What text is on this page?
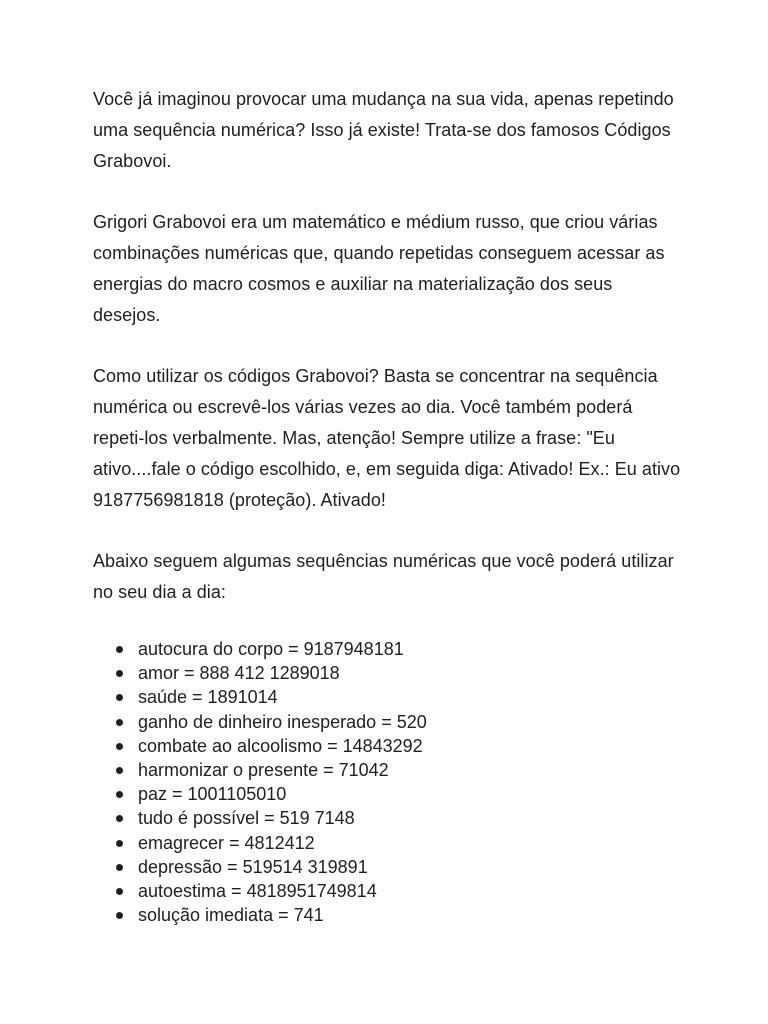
Você já imaginou provocar uma mudança na sua vida, apenas repetindo uma sequência numérica? Isso já existe! Trata-se dos famosos Códigos Grabovoi.

Grigori Grabovoi era um matemático e médium russo, que criou várias combinações numéricas que, quando repetidas conseguem acessar as energias do macro cosmos e auxiliar na materialização dos seus desejos.

Como utilizar os códigos Grabovoi? Basta se concentrar na sequência numérica ou escrevê-los várias vezes ao dia. Você também poderá repeti-los verbalmente. Mas, atenção! Sempre utilize a frase: "Eu ativo....fale o código escolhido, e, em seguida diga: Ativado! Ex.: Eu ativo 9187756981818 (proteção). Ativado!

Abaixo seguem algumas sequências numéricas que você poderá utilizar no seu dia a dia:

autocura do corpo = 9187948181
amor = 888 412 1289018
saúde = 1891014
ganho de dinheiro inesperado = 520
combate ao alcoolismo = 14843292
harmonizar o presente = 71042
paz = 1001105010
tudo é possível = 519 7148
emagrecer = 4812412
depressão = 519514 319891
autoestima = 4818951749814
solução imediata = 741
